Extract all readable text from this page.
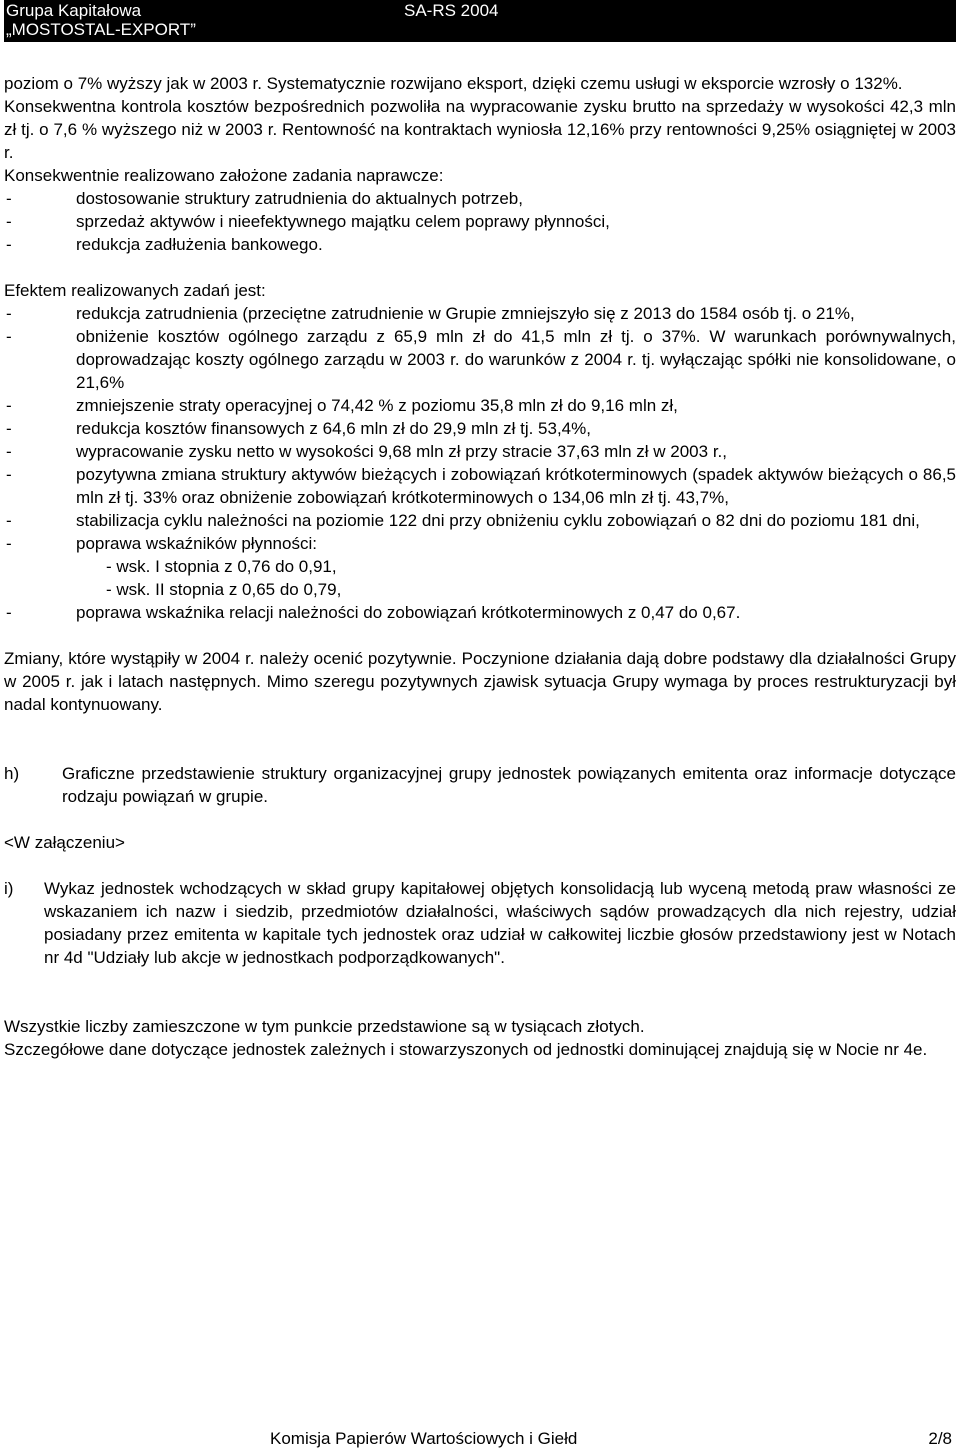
Grupa Kapitałowa
„MOSTOSTAL-EXPORT”
SA-RS 2004

poziom o 7% wyższy jak w 2003 r. Systematycznie rozwijano eksport, dzięki czemu usługi w eksporcie wzrosły o 132%.

Konsekwentna kontrola kosztów bezpośrednich pozwoliła na wypracowanie zysku brutto na sprzedaży w wysokości 42,3 mln zł tj. o 7,6 % wyższego niż w 2003 r. Rentowność na kontraktach wyniosła 12,16% przy rentowności 9,25% osiągniętej w 2003 r.

Konsekwentnie realizowano założone zadania naprawcze:

-	dostosowanie struktury zatrudnienia do aktualnych potrzeb,
-	sprzedaż aktywów i nieefektywnego majątku celem poprawy płynności,
-	redukcja zadłużenia bankowego.

Efektem realizowanych zadań jest:

-	redukcja zatrudnienia (przeciętne zatrudnienie w Grupie zmniejszyło się z 2013 do 1584 osób tj. o 21%,
-	obniżenie kosztów ogólnego zarządu z 65,9 mln zł do 41,5 mln zł tj. o 37%. W warunkach porównywalnych, doprowadzając koszty ogólnego zarządu w 2003 r. do warunków z 2004 r. tj. wyłączając spółki nie konsolidowane, o 21,6%
-	zmniejszenie straty operacyjnej o 74,42 % z poziomu 35,8 mln zł do 9,16 mln zł,
-	redukcja kosztów finansowych z 64,6 mln zł do 29,9 mln zł tj. 53,4%,
-	wypracowanie zysku netto w wysokości 9,68 mln zł przy stracie 37,63 mln zł w 2003 r.,
-	pozytywna zmiana struktury aktywów bieżących i zobowiązań krótkoterminowych (spadek aktywów bieżących o 86,5 mln zł tj. 33% oraz obniżenie zobowiązań krótkoterminowych o 134,06 mln zł tj. 43,7%,
-	stabilizacja cyklu należności na poziomie 122 dni przy obniżeniu cyklu zobowiązań o 82 dni do poziomu 181 dni,
-	poprawa wskaźników płynności:
- wsk. I stopnia z 0,76 do 0,91,
- wsk. II stopnia z 0,65 do 0,79,
-	poprawa wskaźnika relacji należności do zobowiązań krótkoterminowych z 0,47 do 0,67.

Zmiany, które wystąpiły w 2004 r. należy ocenić pozytywnie. Poczynione działania dają dobre podstawy dla działalności Grupy w 2005 r. jak i latach następnych. Mimo szeregu pozytywnych zjawisk sytuacja Grupy wymaga by proces restrukturyzacji był nadal kontynuowany.

h)	Graficzne przedstawienie struktury organizacyjnej grupy jednostek powiązanych emitenta oraz informacje dotyczące rodzaju powiązań w grupie.

<W załączeniu>

i)	Wykaz jednostek wchodzących w skład grupy kapitałowej objętych konsolidacją lub wyceną metodą praw własności ze wskazaniem ich nazw i siedzib, przedmiotów działalności, właściwych sądów prowadzących dla nich rejestry, udział posiadany przez emitenta w kapitale tych jednostek oraz udział w całkowitej liczbie głosów przedstawiony jest w Notach nr 4d "Udziały lub akcje w jednostkach podporządkowanych".

Wszystkie liczby zamieszczone w tym punkcie przedstawione są w tysiącach złotych.

Szczegółowe dane dotyczące jednostek zależnych i stowarzyszonych od jednostki dominującej znajdują się w Nocie nr 4e.

Komisja Papierów Wartościowych i Giełd	2/8
